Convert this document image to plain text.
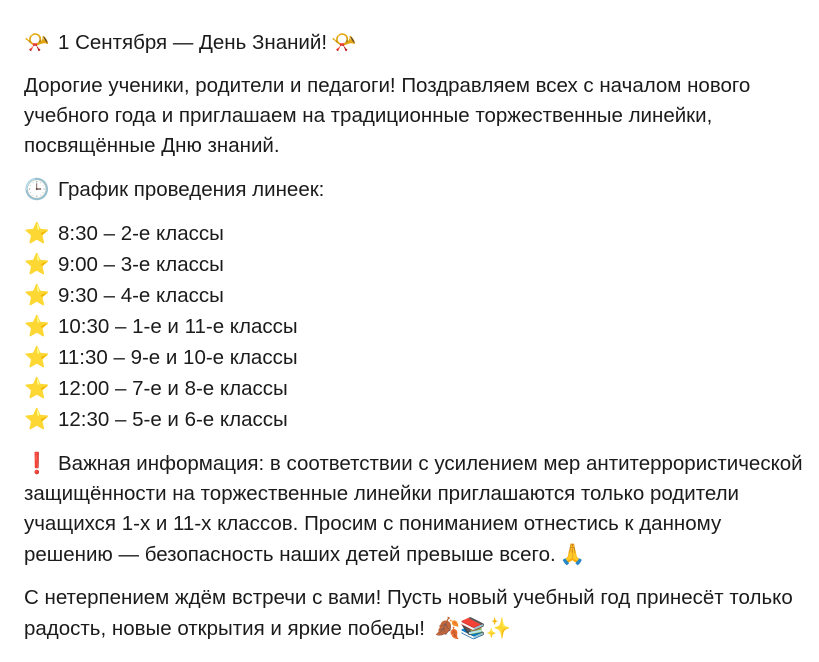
📯 1 Сентября — День Знаний! 📯

Дорогие ученики, родители и педагоги! Поздравляем всех с началом нового учебного года и приглашаем на традиционные торжественные линейки, посвящённые Дню знаний.

🕒 График проведения линеек:

⭐ 8:30 – 2-е классы
⭐ 9:00 – 3-е классы
⭐ 9:30 – 4-е классы
⭐ 10:30 – 1-е и 11-е классы
⭐ 11:30 – 9-е и 10-е классы
⭐ 12:00 – 7-е и 8-е классы
⭐ 12:30 – 5-е и 6-е классы

❗ Важная информация: в соответствии с усилением мер антитеррористической защищённости на торжественные линейки приглашаются только родители учащихся 1-х и 11-х классов. Просим с пониманием отнестись к данному решению — безопасность наших детей превыше всего. 🙏

С нетерпением ждём встречи с вами! Пусть новый учебный год принесёт только радость, новые открытия и яркие победы! 🍂📚✨
